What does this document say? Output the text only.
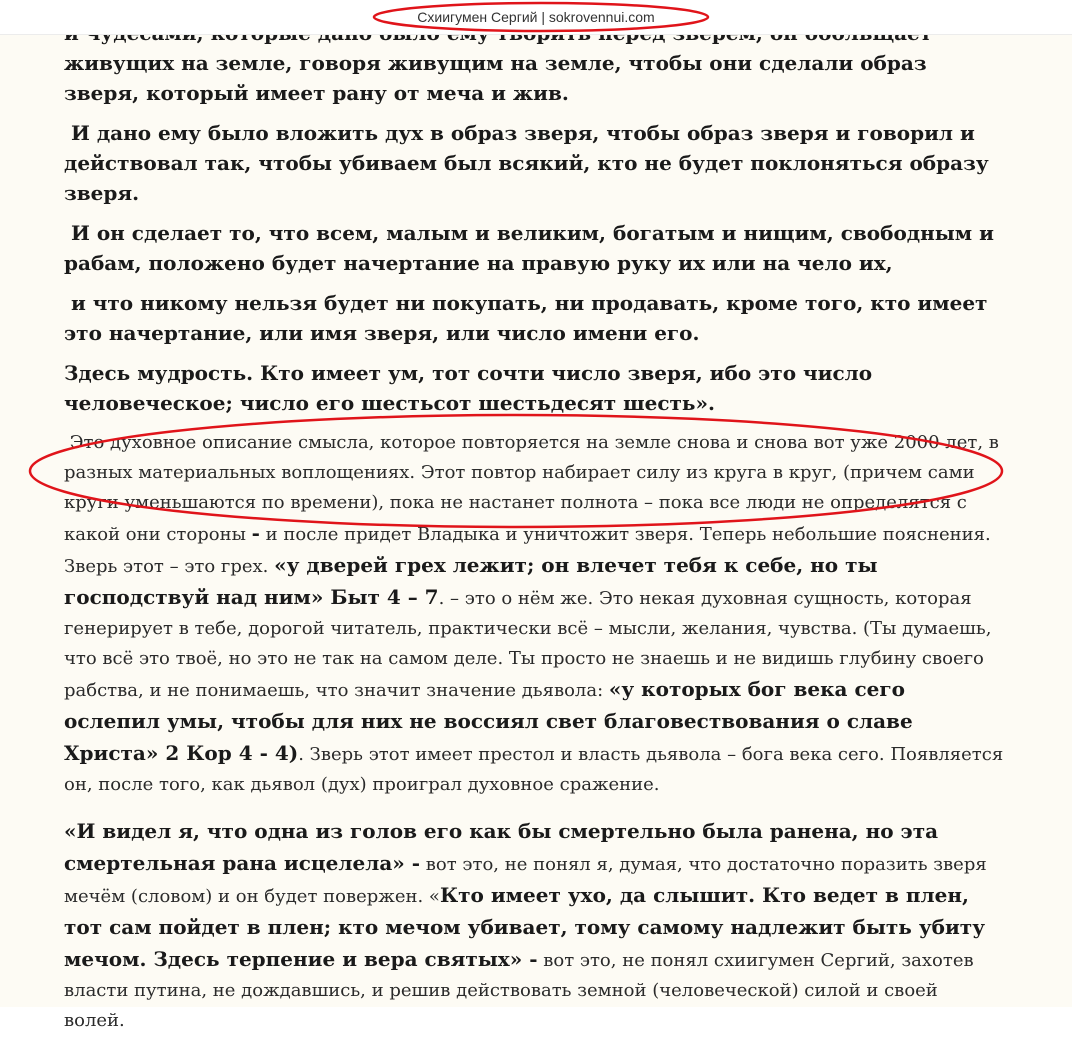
Схиигумен Сергий | sokrovennui.com

живущих на земле, говоря живущим на земле, чтобы они сделали образ зверя, который имеет рану от меча и жив.

И дано ему было вложить дух в образ зверя, чтобы образ зверя и говорил и действовал так, чтобы убиваем был всякий, кто не будет поклоняться образу зверя.

И он сделает то, что всем, малым и великим, богатым и нищим, свободным и рабам, положено будет начертание на правую руку их или на чело их,

и что никому нельзя будет ни покупать, ни продавать, кроме того, кто имеет это начертание, или имя зверя, или число имени его.

Здесь мудрость. Кто имеет ум, тот сочти число зверя, ибо это число человеческое; число его шестьсот шестьдесят шесть».

Это духовное описание смысла, которое повторяется на земле снова и снова вот уже 2000 лет, в разных материальных воплощениях. Этот повтор набирает силу из круга в круг, (причем сами круги уменьшаются по времени), пока не настанет полнота – пока все люди не определятся с какой они стороны - и после придет Владыка и уничтожит зверя. Теперь небольшие пояснения. Зверь этот – это грех. «у дверей грех лежит; он влечет тебя к себе, но ты господствуй над ним» Быт 4 – 7. – это о нём же. Это некая духовная сущность, которая генерирует в тебе, дорогой читатель, практически всё – мысли, желания, чувства. (Ты думаешь, что всё это твоё, но это не так на самом деле. Ты просто не знаешь и не видишь глубину своего рабства, и не понимаешь, что значит значение дьявола: «у которых бог века сего ослепил умы, чтобы для них не воссиял свет благовествования о славе Христа» 2 Кор 4 - 4). Зверь этот имеет престол и власть дьявола – бога века сего. Появляется он, после того, как дьявол (дух) проиграл духовное сражение.

«И видел я, что одна из голов его как бы смертельно была ранена, но эта смертельная рана исцелела» - вот это, не понял я, думая, что достаточно поразить зверя мечём (словом) и он будет повержен. «Кто имеет ухо, да слышит. Кто ведет в плен, тот сам пойдет в плен; кто мечом убивает, тому самому надлежит быть убиту мечом. Здесь терпение и вера святых» - вот это, не понял схиигумен Сергий, захотев власти путина, не дождавшись, и решив действовать земной (человеческой) силой и своей волей.
